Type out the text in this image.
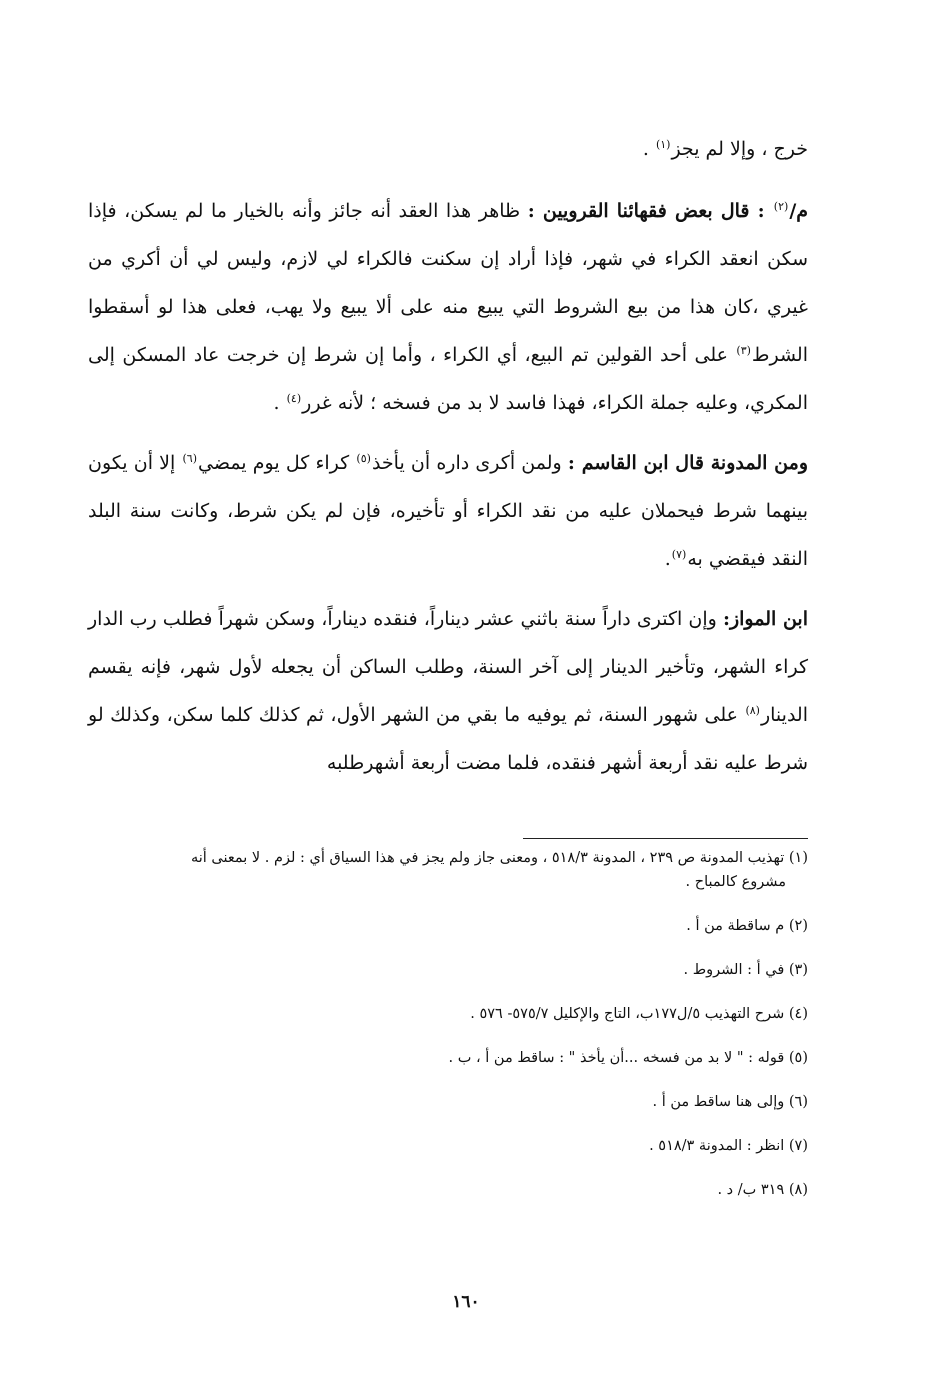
خرج ، وإلا لم يجز$^{(١)}$ .

م/$^{(٢)}$ : قال بعض فقهائنا القرويين : ظاهر هذا العقد أنه جائز وأنه بالخيار ما لم يسكن، فإذا سكن انعقد الكراء في شهر، فإذا أراد إن سكنت فالكراء لي لازم، وليس لي أن أكري من غيري ،كان هذا من بيع الشروط التي يبيع منه على ألا يبيع ولا يهب، فعلى هذا لو أسقطوا الشرط$^{(٣)}$ على أحد القولين تم البيع، أي الكراء ، وأما إن شرط إن خرجت عاد المسكن إلى المكري، وعليه جملة الكراء، فهذا فاسد لا بد من فسخه ؛ لأنه غرر$^{(٤)}$ .

ومن المدونة قال ابن القاسم : ولمن أكرى داره أن يأخذ$^{(٥)}$ كراء كل يوم يمضي$^{(٦)}$ إلا أن يكون بينهما شرط فيحملان عليه من نقد الكراء أو تأخيره، فإن لم يكن شرط، وكانت سنة البلد النقد فيقضي به$^{(٧)}$.

ابن المواز: وإن اكترى داراً سنة باثني عشر ديناراً، فنقده ديناراً، وسكن شهراً فطلب رب الدار كراء الشهر، وتأخير الدينار إلى آخر السنة، وطلب الساكن أن يجعله لأول شهر، فإنه يقسم الدينار$^{(٨)}$ على شهور السنة، ثم يوفيه ما بقي من الشهر الأول، ثم كذلك كلما سكن، وكذلك لو شرط عليه نقد أربعة أشهر فنقده، فلما مضت أربعة أشهرطلبه

(١) تهذيب المدونة ص ٢٣٩ ، المدونة ٥١٨/٣ ، ومعنى جاز ولم يجز في هذا السياق أي : لزم . لا بمعنى أنه
مشروع كالمباح .
(٢) م ساقطة من أ .
(٣) في أ : الشروط .
(٤) شرح التهذيب ٥/ل١٧٧ب، التاج والإكليل ٥٧٥/٧- ٥٧٦ .
(٥) قوله : " لا بد من فسخه ...أن يأخذ " : ساقط من أ ، ب .
(٦) وإلى هنا ساقط من أ .
(٧) انظر : المدونة ٥١٨/٣ .
(٨) ٣١٩ ب/ د .
١٦٠
